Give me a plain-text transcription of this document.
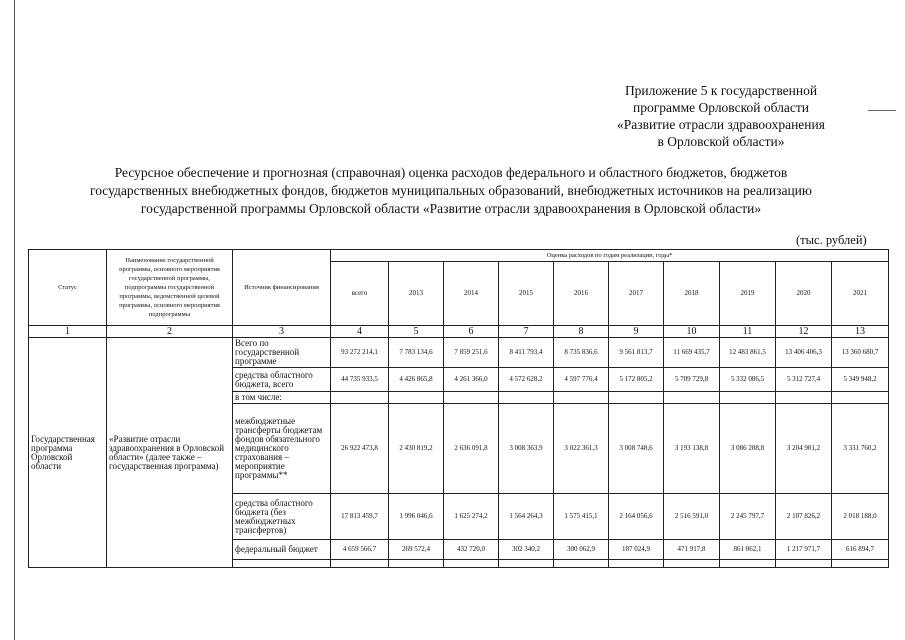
Приложение 5 к государственной
программе Орловской области
«Развитие отрасли здравоохранения
в Орловской области»
Ресурсное обеспечение и прогнозная (справочная) оценка расходов федерального и областного бюджетов, бюджетов
государственных внебюджетных фондов, бюджетов муниципальных образований, внебюджетных источников на реализацию
государственной программы Орловской области «Развитие отрасли здравоохранения в Орловской области»
(тыс. рублей)
Статус	Наименование государственной программы, основного мероприятия государственной программы, подпрограммы государственной программы, ведомственной целевой программы, основного мероприятия подпрограммы	Источник финансирования	Оценка расходов по годам реализации, годы*									
			всего	2013	2014	2015	2016	2017	2018	2019	2020	2021
1	2	3	4	5	6	7	8	9	10	11	12	13
Государственная программа Орловской области	«Развитие отрасли здравоохранения в Орловской области» (далее также – государственная программа)	Всего по государственной программе	93 272 214,1	7 783 134,6	7 859 251,6	8 411 793,4	8 735 836,6	9 561 813,7	11 669 435,7	12 483 861,5	13 406 406,3	13 360 680,7
		средства областного бюджета, всего	44 735 933,5	4 426 865,8	4 261 366,0	4 572 628,2	4 597 776,4	5 172 805,2	5 709 729,8	5 332 086,5	5 312 727,4	5 349 948,2
		в том числе:										
		межбюджетные трансферты бюджетам фондов обязательного медицинского страхования – мероприятие программы**	26 922 473,8	2 430 819,2	2 636 091,8	3 008 363,9	3 022 361,3	3 008 748,6	3 193 138,8	3 086 288,8	3 204 901,2	3 331 760,2
		средства областного бюджета (без межбюджетных трансфертов)	17 813 459,7	1 996 046,6	1 625 274,2	1 564 264,3	1 575 415,1	2 164 056,6	2 516 591,0	2 245 797,7	2 107 826,2	2 018 188,0
		федеральный бюджет	4 659 566,7	269 572,4	432 720,0	302 340,2	300 062,9	187 024,9	471 917,8	861 062,1	1 217 971,7	616 894,7
